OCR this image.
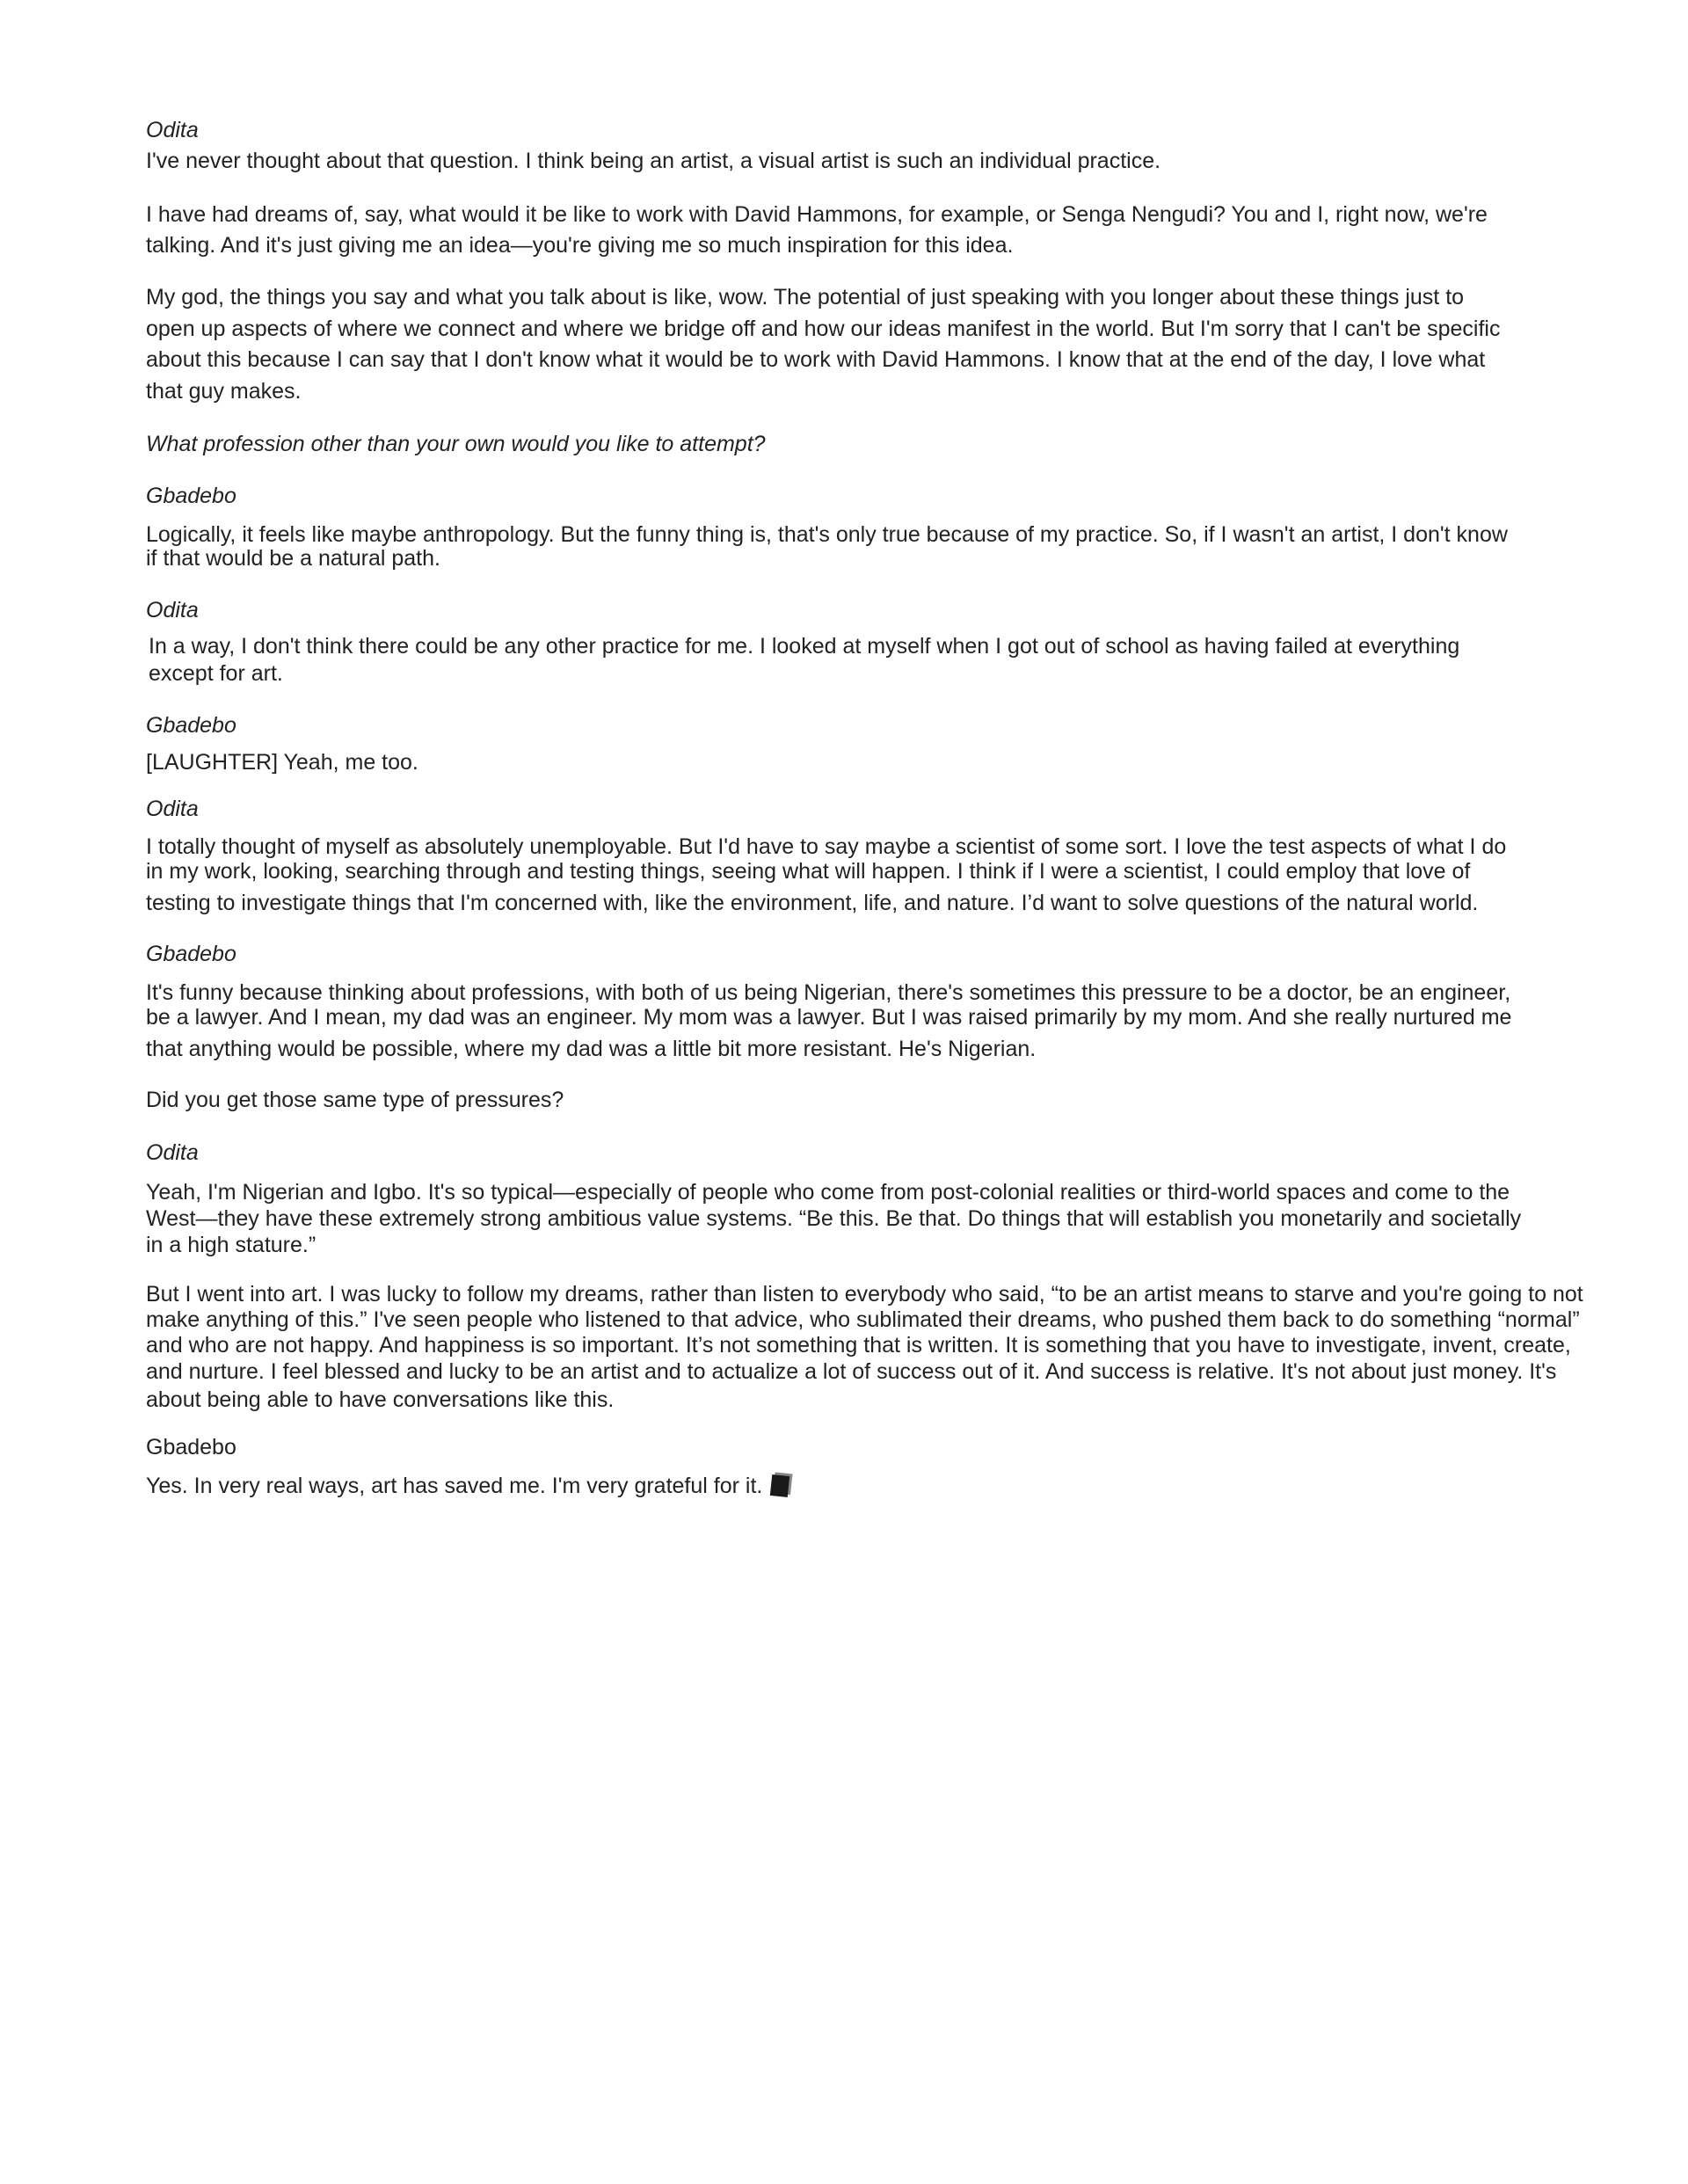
Odita
I've never thought about that question. I think being an artist, a visual artist is such an individual practice.
I have had dreams of, say, what would it be like to work with David Hammons, for example, or Senga Nengudi? You and I, right now, we're
talking. And it's just giving me an idea—you're giving me so much inspiration for this idea.
My god, the things you say and what you talk about is like, wow. The potential of just speaking with you longer about these things just to
open up aspects of where we connect and where we bridge off and how our ideas manifest in the world. But I'm sorry that I can't be specific
about this because I can say that I don't know what it would be to work with David Hammons. I know that at the end of the day, I love what
that guy makes.
What profession other than your own would you like to attempt?
Gbadebo
Logically, it feels like maybe anthropology. But the funny thing is, that's only true because of my practice. So, if I wasn't an artist, I don't know
if that would be a natural path.
Odita
In a way, I don't think there could be any other practice for me. I looked at myself when I got out of school as having failed at everything
except for art.
Gbadebo
[LAUGHTER] Yeah, me too.
Odita
I totally thought of myself as absolutely unemployable. But I'd have to say maybe a scientist of some sort. I love the test aspects of what I do
in my work, looking, searching through and testing things, seeing what will happen. I think if I were a scientist, I could employ that love of
testing to investigate things that I'm concerned with, like the environment, life, and nature. I’d want to solve questions of the natural world.
Gbadebo
It's funny because thinking about professions, with both of us being Nigerian, there's sometimes this pressure to be a doctor, be an engineer,
be a lawyer. And I mean, my dad was an engineer. My mom was a lawyer. But I was raised primarily by my mom. And she really nurtured me
that anything would be possible, where my dad was a little bit more resistant. He's Nigerian.
Did you get those same type of pressures?
Odita
Yeah, I'm Nigerian and Igbo. It's so typical—especially of people who come from post-colonial realities or third-world spaces and come to the
West—they have these extremely strong ambitious value systems. “Be this. Be that. Do things that will establish you monetarily and societally
in a high stature.”
But I went into art. I was lucky to follow my dreams, rather than listen to everybody who said, “to be an artist means to starve and you're going to not
make anything of this.” I've seen people who listened to that advice, who sublimated their dreams, who pushed them back to do something “normal”
and who are not happy. And happiness is so important. It’s not something that is written. It is something that you have to investigate, invent, create,
and nurture. I feel blessed and lucky to be an artist and to actualize a lot of success out of it. And success is relative. It's not about just money. It's
about being able to have conversations like this.
Gbadebo
Yes. In very real ways, art has saved me. I'm very grateful for it.
